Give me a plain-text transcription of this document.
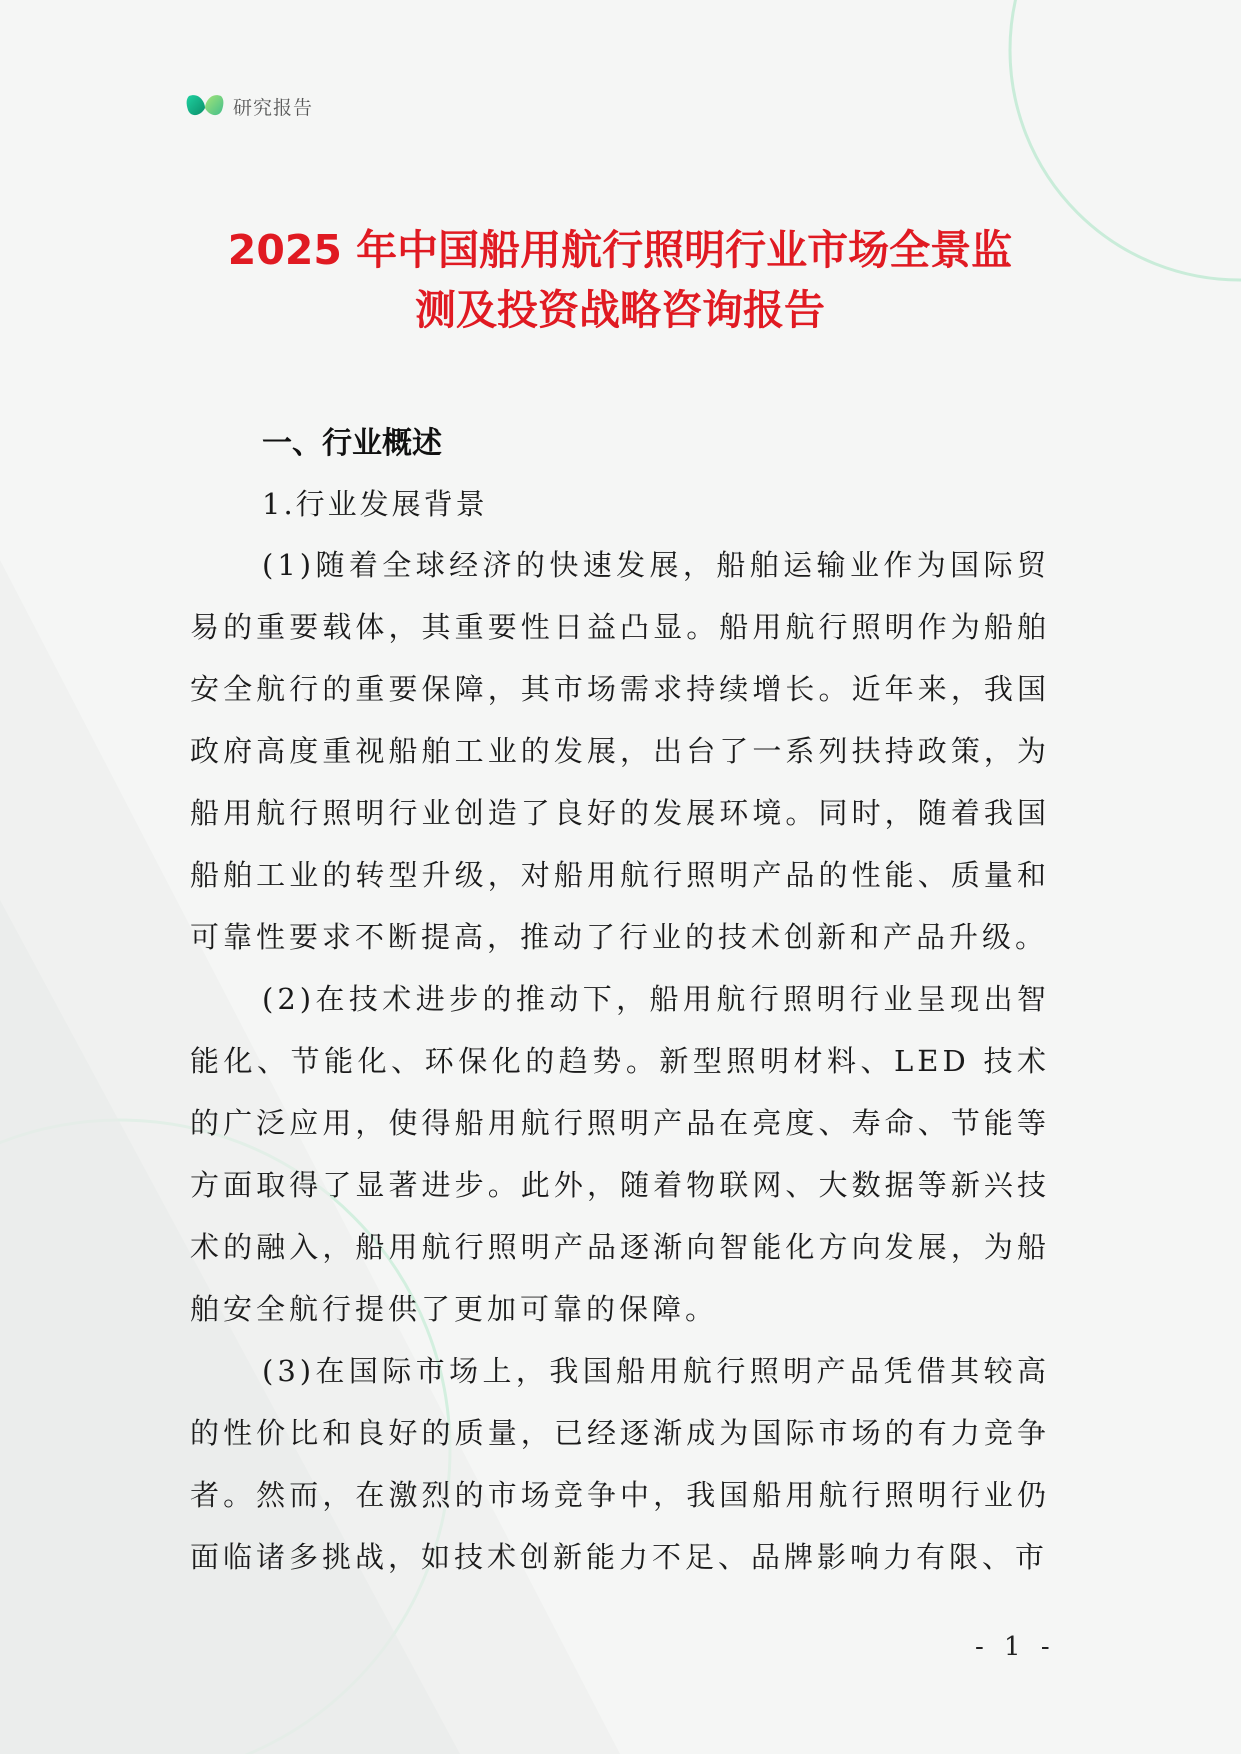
研究报告
2025 年中国船用航行照明行业市场全景监
测及投资战略咨询报告
一、行业概述
1.行业发展背景

(1)随着全球经济的快速发展，船舶运输业作为国际贸易的重要载体，其重要性日益凸显。船用航行照明作为船舶安全航行的重要保障，其市场需求持续增长。近年来，我国政府高度重视船舶工业的发展，出台了一系列扶持政策，为船用航行照明行业创造了良好的发展环境。同时，随着我国船舶工业的转型升级，对船用航行照明产品的性能、质量和可靠性要求不断提高，推动了行业的技术创新和产品升级。

(2)在技术进步的推动下，船用航行照明行业呈现出智能化、节能化、环保化的趋势。新型照明材料、LED 技术的广泛应用，使得船用航行照明产品在亮度、寿命、节能等方面取得了显著进步。此外，随着物联网、大数据等新兴技术的融入，船用航行照明产品逐渐向智能化方向发展，为船舶安全航行提供了更加可靠的保障。

(3)在国际市场上，我国船用航行照明产品凭借其较高的性价比和良好的质量，已经逐渐成为国际市场的有力竞争者。然而，在激烈的市场竞争中，我国船用航行照明行业仍面临诸多挑战，如技术创新能力不足、品牌影响力有限、市

- 1 -
